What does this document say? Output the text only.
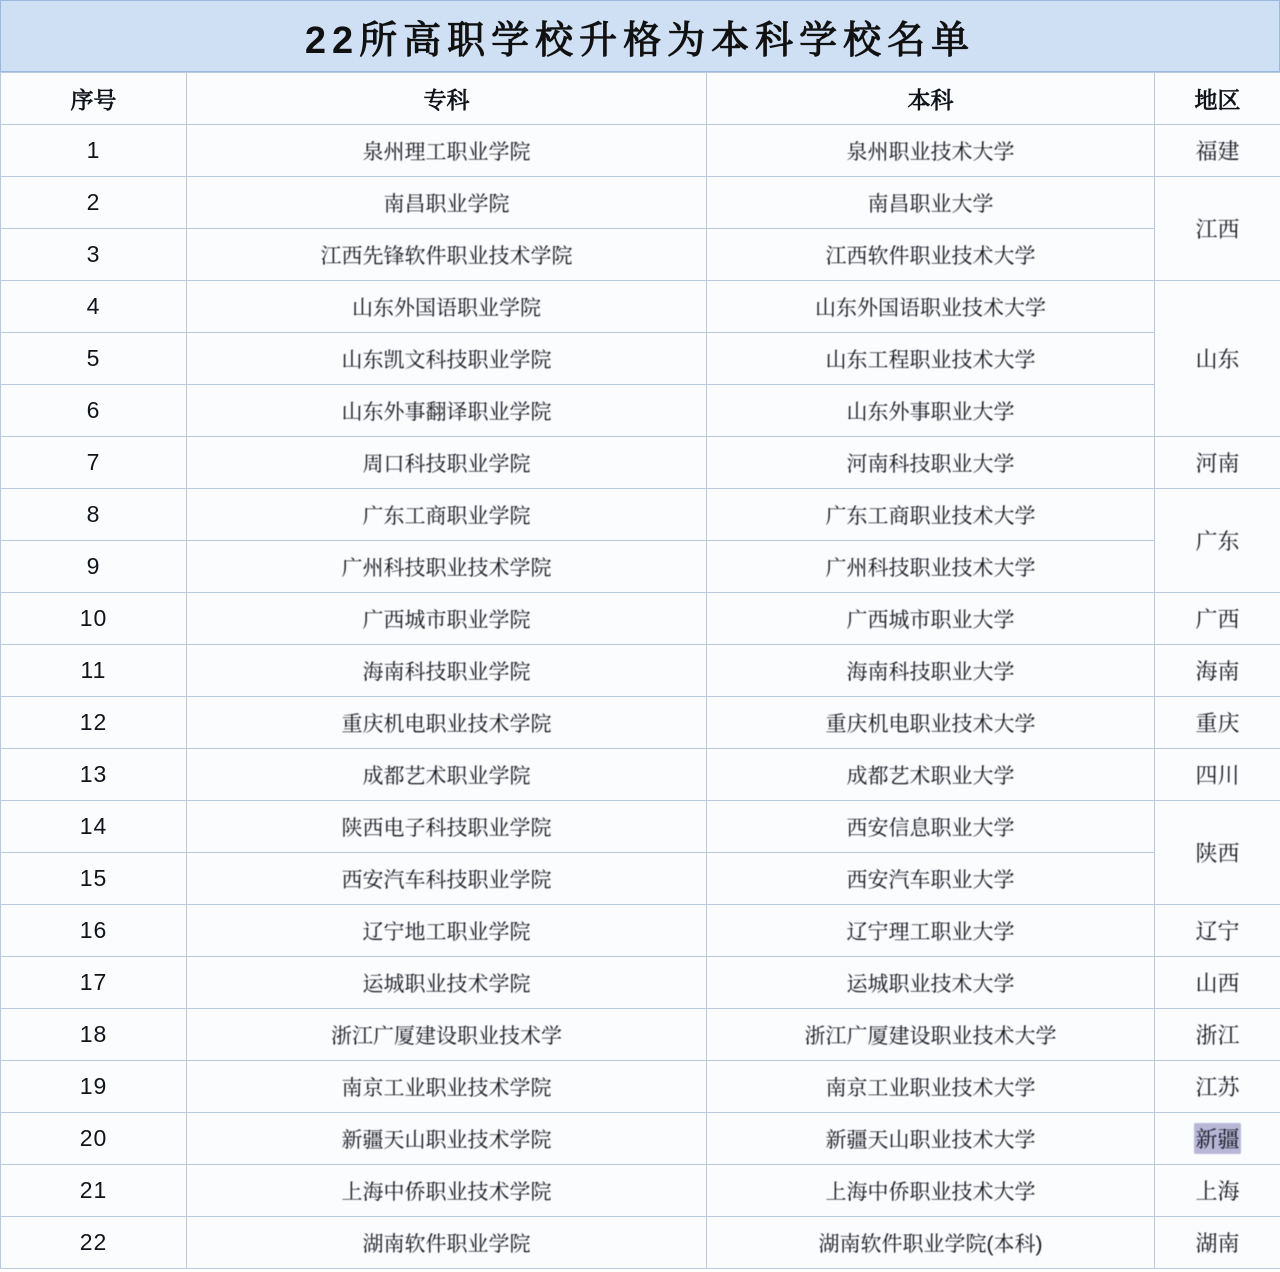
22所高职学校升格为本科学校名单
序号	专科	本科	地区
1	泉州理工职业学院	泉州职业技术大学	福建
2	南昌职业学院	南昌职业大学	江西
3	江西先锋软件职业技术学院	江西软件职业技术大学	
4	山东外国语职业学院	山东外国语职业技术大学	山东
5	山东凯文科技职业学院	山东工程职业技术大学	
6	山东外事翻译职业学院	山东外事职业大学	
7	周口科技职业学院	河南科技职业大学	河南
8	广东工商职业学院	广东工商职业技术大学	广东
9	广州科技职业技术学院	广州科技职业技术大学	
10	广西城市职业学院	广西城市职业大学	广西
11	海南科技职业学院	海南科技职业大学	海南
12	重庆机电职业技术学院	重庆机电职业技术大学	重庆
13	成都艺术职业学院	成都艺术职业大学	四川
14	陕西电子科技职业学院	西安信息职业大学	陕西
15	西安汽车科技职业学院	西安汽车职业大学	
16	辽宁地工职业学院	辽宁理工职业大学	辽宁
17	运城职业技术学院	运城职业技术大学	山西
18	浙江广厦建设职业技术学	浙江广厦建设职业技术大学	浙江
19	南京工业职业技术学院	南京工业职业技术大学	江苏
20	新疆天山职业技术学院	新疆天山职业技术大学	新疆
21	上海中侨职业技术学院	上海中侨职业技术大学	上海
22	湖南软件职业学院	湖南软件职业学院(本科)	湖南
